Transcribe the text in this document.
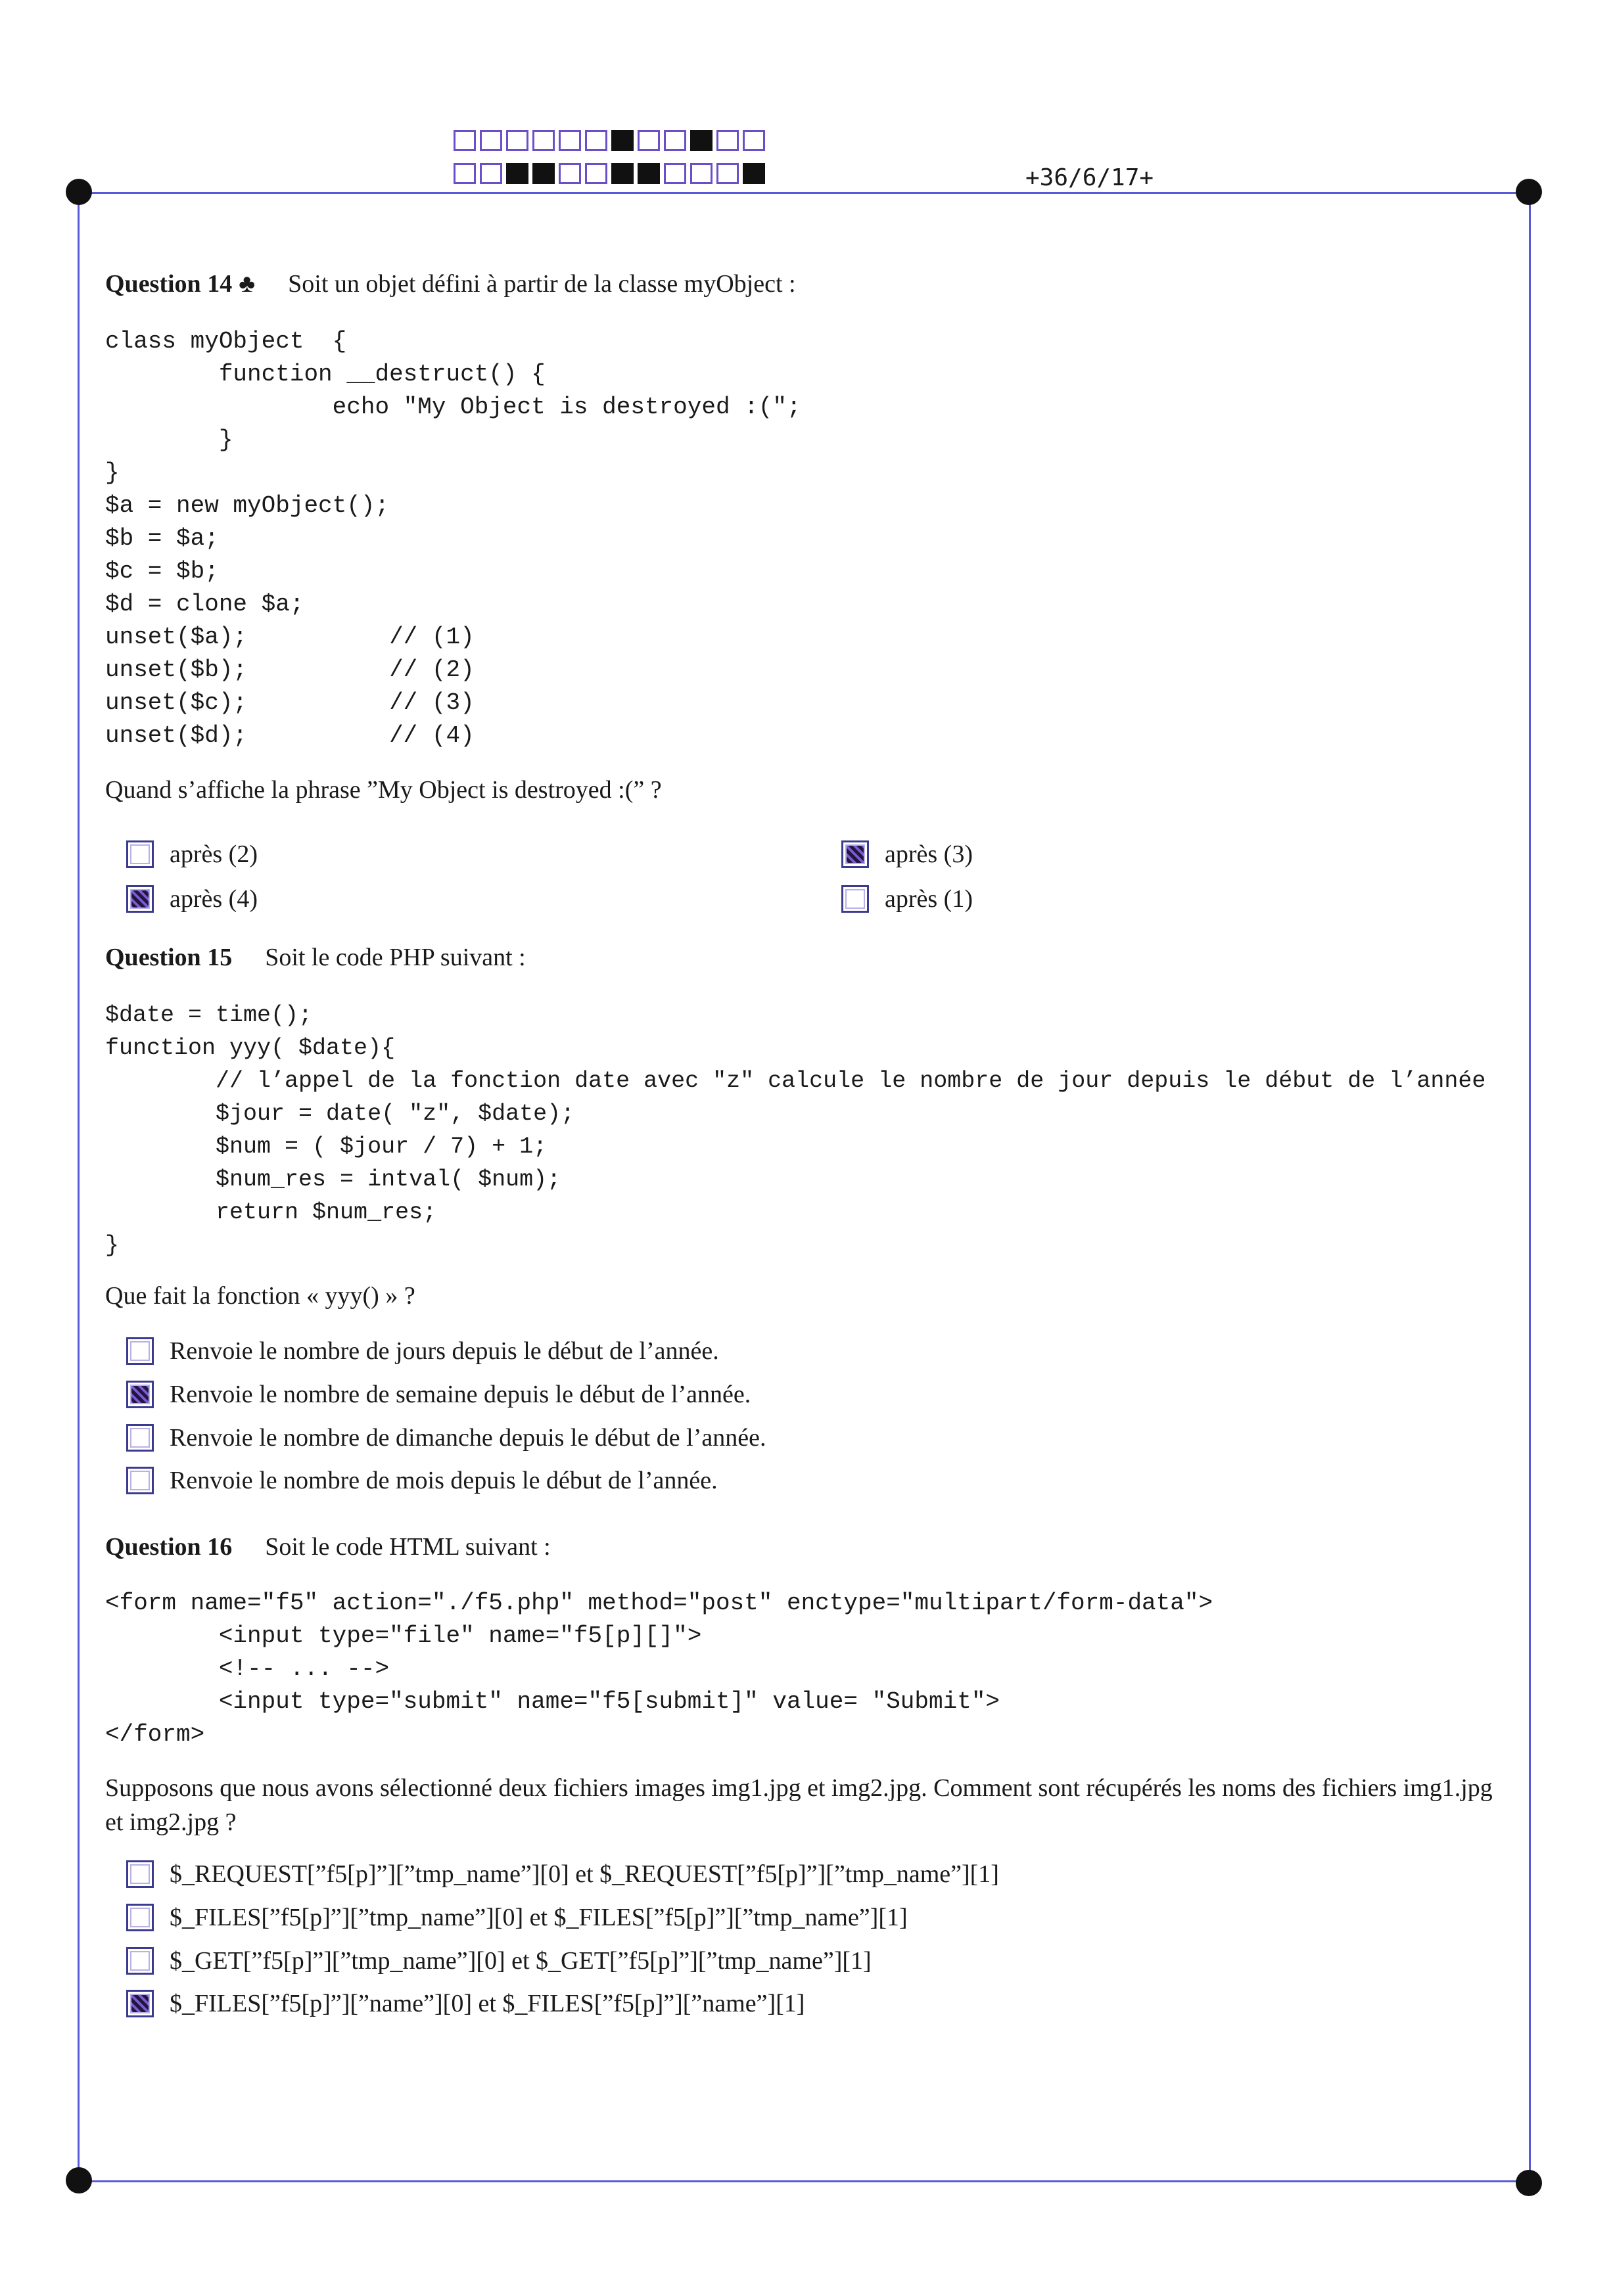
+36/6/17+
Question 14 ♣ Soit un objet défini à partir de la classe myObject :
class myObject  {
function __destruct() {
echo "My Object is destroyed :(";
}
}
$a = new myObject();
$b = $a;
$c = $b;
$d = clone $a;
unset($a);          // (1)
unset($b);          // (2)
unset($c);          // (3)
unset($d);          // (4)
Quand s’affiche la phrase ”My Object is destroyed :(” ?
après (2)	après (3)
après (4)	après (1)
Question 15 Soit le code PHP suivant :
$date = time();
function yyy( $date){
// l’appel de la fonction date avec "z" calcule le nombre de jour depuis le début de l’année
$jour = date( "z", $date);
$num = ( $jour / 7) + 1;
$num_res = intval( $num);
return $num_res;
}
Que fait la fonction « yyy() » ?
Renvoie le nombre de jours depuis le début de l’année.
Renvoie le nombre de semaine depuis le début de l’année.
Renvoie le nombre de dimanche depuis le début de l’année.
Renvoie le nombre de mois depuis le début de l’année.
Question 16 Soit le code HTML suivant :
<form name="f5" action="./f5.php" method="post" enctype="multipart/form-data">
<input type="file" name="f5[p][]">
<!-- ... -->
<input type="submit" name="f5[submit]" value= "Submit">
</form>
Supposons que nous avons sélectionné deux fichiers images img1.jpg et img2.jpg. Comment sont récupérés les noms des fichiers img1.jpg et img2.jpg ?
$_REQUEST[”f5[p]”][”tmp_name”][0] et $_REQUEST[”f5[p]”][”tmp_name”][1]
$_FILES[”f5[p]”][”tmp_name”][0] et $_FILES[”f5[p]”][”tmp_name”][1]
$_GET[”f5[p]”][”tmp_name”][0] et $_GET[”f5[p]”][”tmp_name”][1]
$_FILES[”f5[p]”][”name”][0] et $_FILES[”f5[p]”][”name”][1]
